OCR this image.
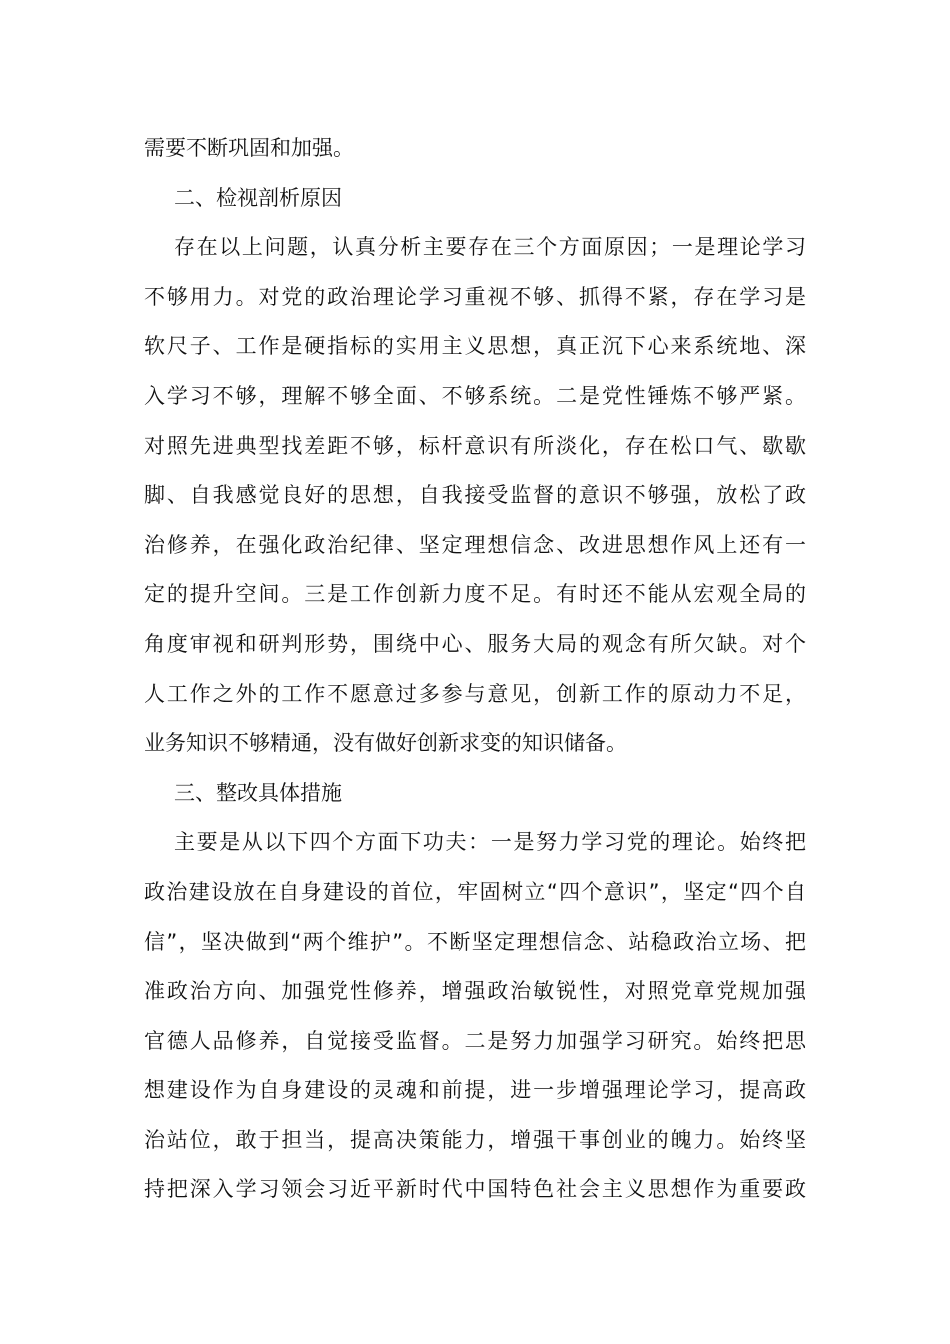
需要不断巩固和加强。
二、检视剖析原因
存在以上问题，认真分析主要存在三个方面原因；一是理论学习
不够用力。对党的政治理论学习重视不够、抓得不紧，存在学习是
软尺子、工作是硬指标的实用主义思想，真正沉下心来系统地、深
入学习不够，理解不够全面、不够系统。二是党性锤炼不够严紧。
对照先进典型找差距不够，标杆意识有所淡化，存在松口气、歇歇
脚、自我感觉良好的思想，自我接受监督的意识不够强，放松了政
治修养，在强化政治纪律、坚定理想信念、改进思想作风上还有一
定的提升空间。三是工作创新力度不足。有时还不能从宏观全局的
角度审视和研判形势，围绕中心、服务大局的观念有所欠缺。对个
人工作之外的工作不愿意过多参与意见，创新工作的原动力不足，
业务知识不够精通，没有做好创新求变的知识储备。
三、整改具体措施
主要是从以下四个方面下功夫：一是努力学习党的理论。始终把
政治建设放在自身建设的首位，牢固树立“四个意识”，坚定“四个自
信”，坚决做到“两个维护”。不断坚定理想信念、站稳政治立场、把
准政治方向、加强党性修养，增强政治敏锐性，对照党章党规加强
官德人品修养，自觉接受监督。二是努力加强学习研究。始终把思
想建设作为自身建设的灵魂和前提，进一步增强理论学习，提高政
治站位，敢于担当，提高决策能力，增强干事创业的魄力。始终坚
持把深入学习领会习近平新时代中国特色社会主义思想作为重要政
